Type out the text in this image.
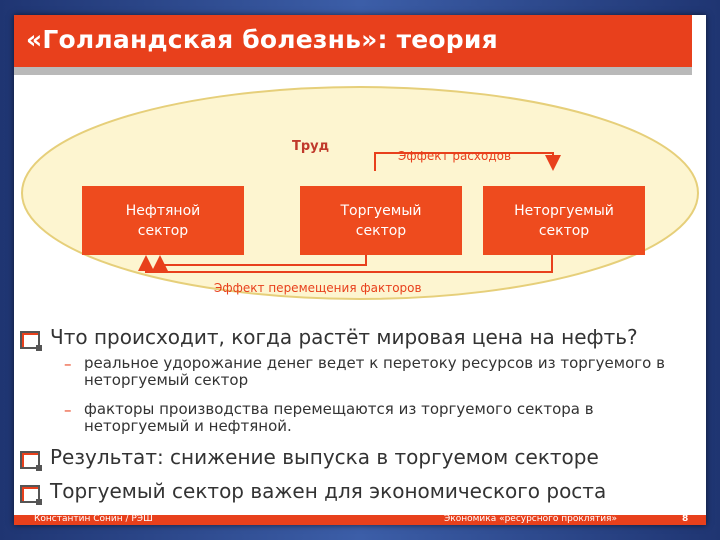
«Голландская болезнь»: теория
Труд
Эффект расходов
Нефтяной
сектор
Торгуемый
сектор
Неторгуемый
сектор
Эффект перемещения факторов
Что происходит, когда растёт мировая цена на нефть?
– реальное удорожание денег ведет к перетоку ресурсов из торгуемого в неторгуемый сектор
– факторы производства перемещаются из торгуемого сектора в неторгуемый и нефтяной.
Результат: снижение выпуска в торгуемом секторе
Торгуемый сектор важен для экономического роста
Константин Сонин / РЭШ	Экономика «ресурсного проклятия»	8
